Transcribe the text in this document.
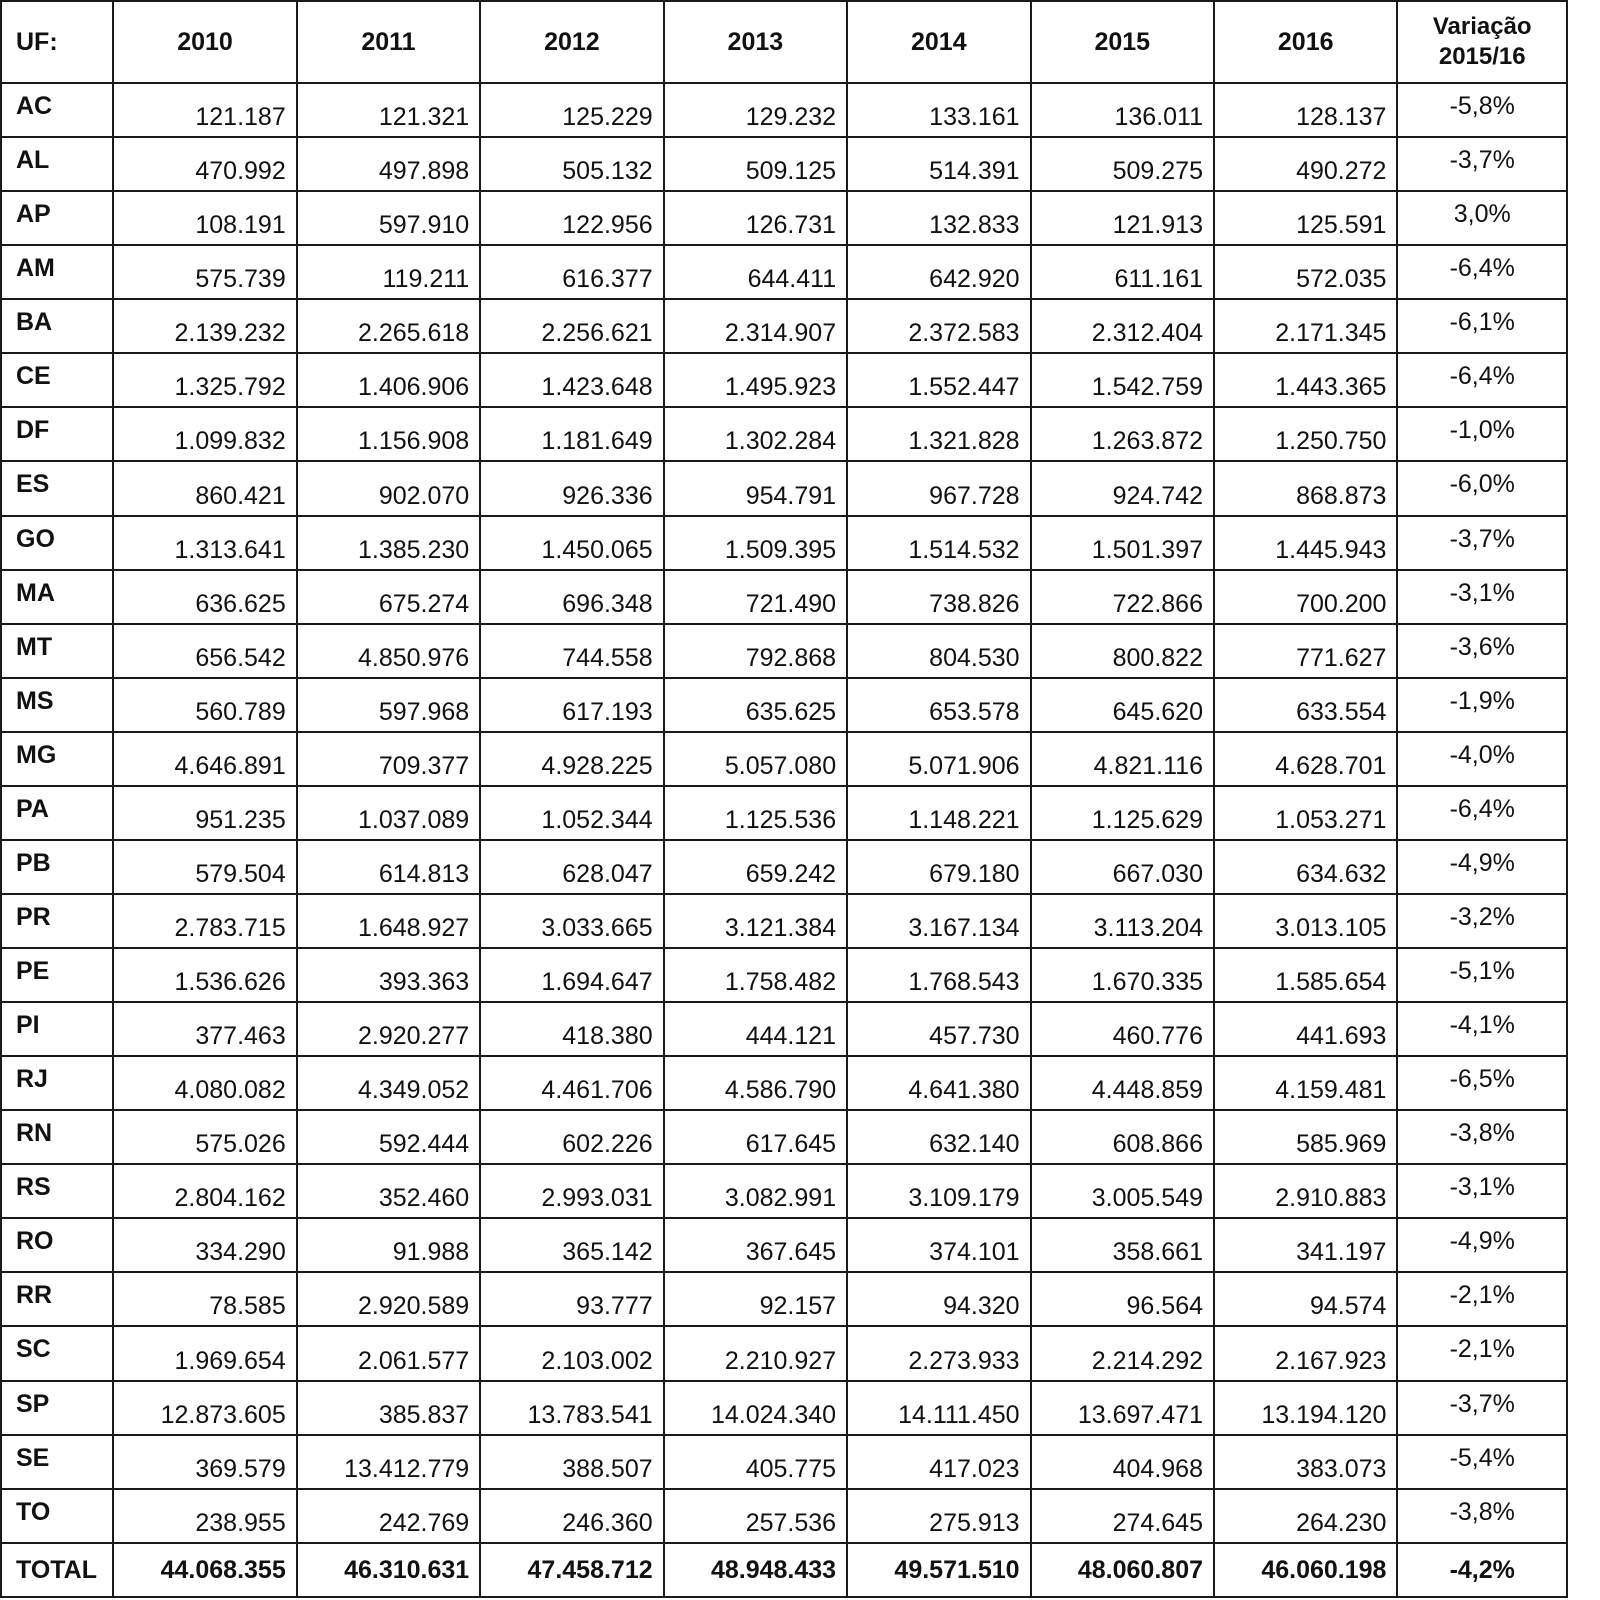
UF:	2010	2011	2012	2013	2014	2015	2016	Variação
2015/16

AC	121.187	121.321	125.229	129.232	133.161	136.011	128.137	-5,8%
AL	470.992	497.898	505.132	509.125	514.391	509.275	490.272	-3,7%
AP	108.191	597.910	122.956	126.731	132.833	121.913	125.591	3,0%
AM	575.739	119.211	616.377	644.411	642.920	611.161	572.035	-6,4%
BA	2.139.232	2.265.618	2.256.621	2.314.907	2.372.583	2.312.404	2.171.345	-6,1%
CE	1.325.792	1.406.906	1.423.648	1.495.923	1.552.447	1.542.759	1.443.365	-6,4%
DF	1.099.832	1.156.908	1.181.649	1.302.284	1.321.828	1.263.872	1.250.750	-1,0%
ES	860.421	902.070	926.336	954.791	967.728	924.742	868.873	-6,0%
GO	1.313.641	1.385.230	1.450.065	1.509.395	1.514.532	1.501.397	1.445.943	-3,7%
MA	636.625	675.274	696.348	721.490	738.826	722.866	700.200	-3,1%
MT	656.542	4.850.976	744.558	792.868	804.530	800.822	771.627	-3,6%
MS	560.789	597.968	617.193	635.625	653.578	645.620	633.554	-1,9%
MG	4.646.891	709.377	4.928.225	5.057.080	5.071.906	4.821.116	4.628.701	-4,0%
PA	951.235	1.037.089	1.052.344	1.125.536	1.148.221	1.125.629	1.053.271	-6,4%
PB	579.504	614.813	628.047	659.242	679.180	667.030	634.632	-4,9%
PR	2.783.715	1.648.927	3.033.665	3.121.384	3.167.134	3.113.204	3.013.105	-3,2%
PE	1.536.626	393.363	1.694.647	1.758.482	1.768.543	1.670.335	1.585.654	-5,1%
PI	377.463	2.920.277	418.380	444.121	457.730	460.776	441.693	-4,1%
RJ	4.080.082	4.349.052	4.461.706	4.586.790	4.641.380	4.448.859	4.159.481	-6,5%
RN	575.026	592.444	602.226	617.645	632.140	608.866	585.969	-3,8%
RS	2.804.162	352.460	2.993.031	3.082.991	3.109.179	3.005.549	2.910.883	-3,1%
RO	334.290	91.988	365.142	367.645	374.101	358.661	341.197	-4,9%
RR	78.585	2.920.589	93.777	92.157	94.320	96.564	94.574	-2,1%
SC	1.969.654	2.061.577	2.103.002	2.210.927	2.273.933	2.214.292	2.167.923	-2,1%
SP	12.873.605	385.837	13.783.541	14.024.340	14.111.450	13.697.471	13.194.120	-3,7%
SE	369.579	13.412.779	388.507	405.775	417.023	404.968	383.073	-5,4%
TO	238.955	242.769	246.360	257.536	275.913	274.645	264.230	-3,8%
TOTAL	44.068.355	46.310.631	47.458.712	48.948.433	49.571.510	48.060.807	46.060.198	-4,2%
